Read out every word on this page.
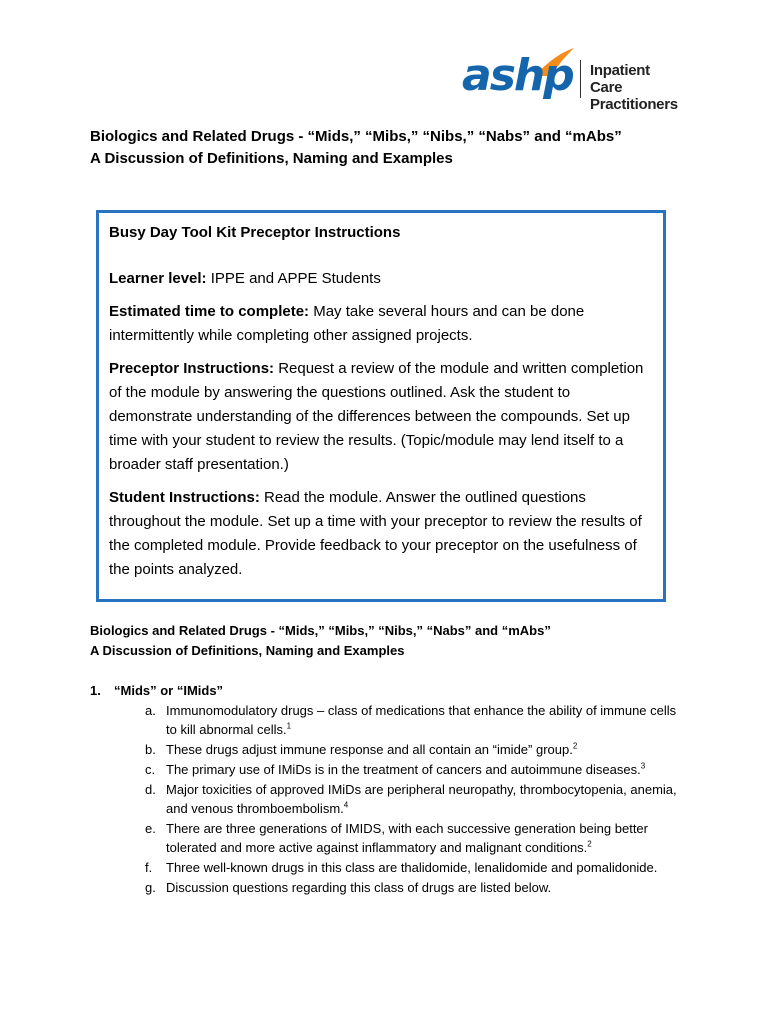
ashp Inpatient Care
Practitioners
Biologics and Related Drugs - “Mids,” “Mibs,” “Nibs,” “Nabs” and “mAbs”
A Discussion of Definitions, Naming and Examples

Busy Day Tool Kit Preceptor Instructions

Learner level: IPPE and APPE Students

Estimated time to complete: May take several hours and can be done intermittently while completing other assigned projects.

Preceptor Instructions: Request a review of the module and written completion of the module by answering the questions outlined. Ask the student to demonstrate understanding of the differences between the compounds. Set up time with your student to review the results. (Topic/module may lend itself to a broader staff presentation.)

Student Instructions: Read the module. Answer the outlined questions throughout the module. Set up a time with your preceptor to review the results of the completed module. Provide feedback to your preceptor on the usefulness of the points analyzed.

Biologics and Related Drugs - “Mids,” “Mibs,” “Nibs,” “Nabs” and “mAbs”
A Discussion of Definitions, Naming and Examples
1.	“Mids” or “IMids”
a. Immunomodulatory drugs – class of medications that enhance the ability of immune cells to kill abnormal cells.$^1$
b. These drugs adjust immune response and all contain an “imide” group.$^2$
c. The primary use of IMiDs is in the treatment of cancers and autoimmune diseases.$^3$
d. Major toxicities of approved IMiDs are peripheral neuropathy, thrombocytopenia, anemia, and venous thromboembolism.$^4$
e. There are three generations of IMIDS, with each successive generation being better tolerated and more active against inflammatory and malignant conditions.$^2$
f.	Three well-known drugs in this class are thalidomide, lenalidomide and pomalidonide.
g. Discussion questions regarding this class of drugs are listed below.
